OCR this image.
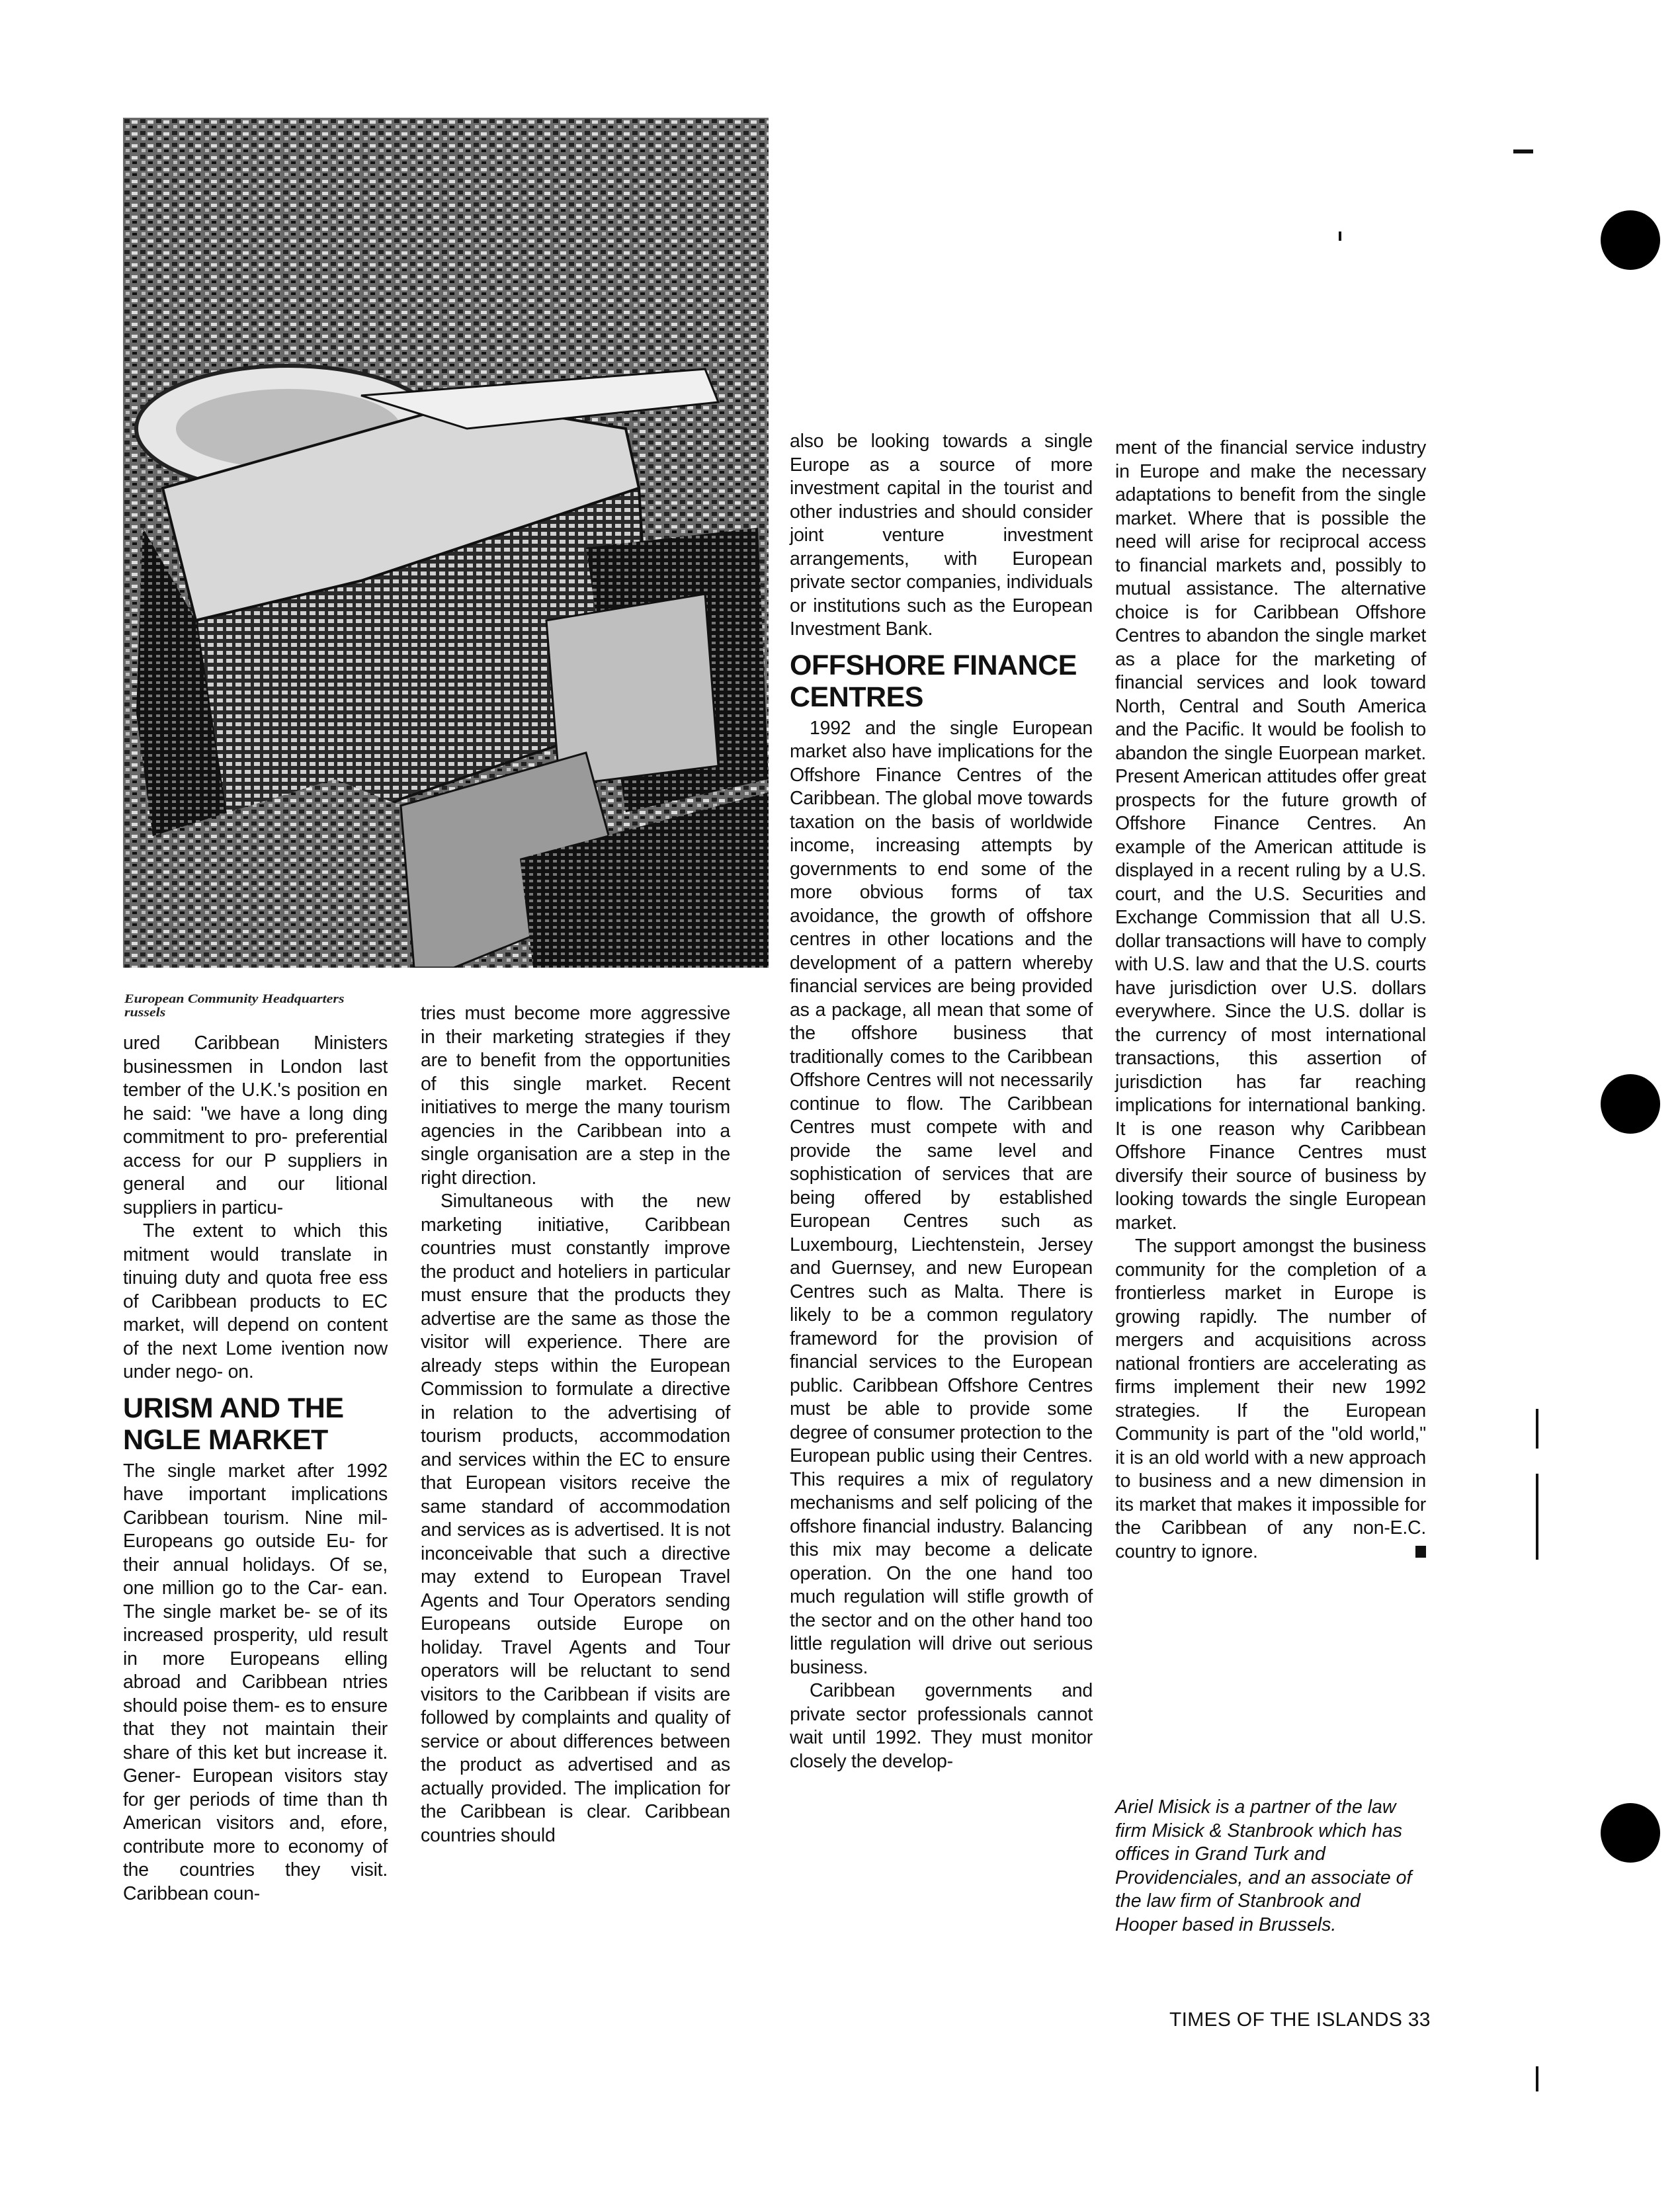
European Community Headquarters
russels

ured Caribbean Ministers businessmen in London last tember of the U.K.'s position en he said: "we have a long ding commitment to pro- preferential access for our P suppliers in general and our litional suppliers in particu-

The extent to which this mitment would translate in tinuing duty and quota free ess of Caribbean products to EC market, will depend on content of the next Lome ivention now under nego- on.

URISM AND THE
NGLE MARKET

The single market after 1992 have important implications Caribbean tourism. Nine mil- Europeans go outside Eu- for their annual holidays. Of se, one million go to the Car- ean. The single market be- se of its increased prosperity, uld result in more Europeans elling abroad and Caribbean ntries should poise them- es to ensure that they not maintain their share of this ket but increase it. Gener- European visitors stay for ger periods of time than th American visitors and, efore, contribute more to economy of the countries they visit. Caribbean coun-

tries must become more aggressive in their marketing strategies if they are to benefit from the opportunities of this single market. Recent initiatives to merge the many tourism agencies in the Caribbean into a single organisation are a step in the right direction.

Simultaneous with the new marketing initiative, Caribbean countries must constantly improve the product and hoteliers in particular must ensure that the products they advertise are the same as those the visitor will experience. There are already steps within the European Commission to formulate a directive in relation to the advertising of tourism products, accommodation and services within the EC to ensure that European visitors receive the same standard of accommodation and services as is advertised. It is not inconceivable that such a directive may extend to European Travel Agents and Tour Operators sending Europeans outside Europe on holiday. Travel Agents and Tour operators will be reluctant to send visitors to the Caribbean if visits are followed by complaints and quality of service or about differences between the product as advertised and as actually provided. The implication for the Caribbean is clear. Caribbean countries should

also be looking towards a single Europe as a source of more investment capital in the tourist and other industries and should consider joint venture investment arrangements, with European private sector companies, individuals or institutions such as the European Investment Bank.

OFFSHORE FINANCE
CENTRES

1992 and the single European market also have implications for the Offshore Finance Centres of the Caribbean. The global move towards taxation on the basis of worldwide income, increasing attempts by governments to end some of the more obvious forms of tax avoidance, the growth of offshore centres in other locations and the development of a pattern whereby financial services are being provided as a package, all mean that some of the offshore business that traditionally comes to the Caribbean Offshore Centres will not necessarily continue to flow. The Caribbean Centres must compete with and provide the same level and sophistication of services that are being offered by established European Centres such as Luxembourg, Liechtenstein, Jersey and Guernsey, and new European Centres such as Malta. There is likely to be a common regulatory frameword for the provision of financial services to the European public. Caribbean Offshore Centres must be able to provide some degree of consumer protection to the European public using their Centres. This requires a mix of regulatory mechanisms and self policing of the offshore financial industry. Balancing this mix may become a delicate operation. On the one hand too much regulation will stifle growth of the sector and on the other hand too little regulation will drive out serious business.

Caribbean governments and private sector professionals cannot wait until 1992. They must monitor closely the develop-

ment of the financial service industry in Europe and make the necessary adaptations to benefit from the single market. Where that is possible the need will arise for reciprocal access to financial markets and, possibly to mutual assistance. The alternative choice is for Caribbean Offshore Centres to abandon the single market as a place for the marketing of financial services and look toward North, Central and South America and the Pacific. It would be foolish to abandon the single Euorpean market. Present American attitudes offer great prospects for the future growth of Offshore Finance Centres. An example of the American attitude is displayed in a recent ruling by a U.S. court, and the U.S. Securities and Exchange Commission that all U.S. dollar transactions will have to comply with U.S. law and that the U.S. courts have jurisdiction over U.S. dollars everywhere. Since the U.S. dollar is the currency of most international transactions, this assertion of jurisdiction has far reaching implications for international banking. It is one reason why Caribbean Offshore Finance Centres must diversify their source of business by looking towards the single European market.

The support amongst the business community for the completion of a frontierless market in Europe is growing rapidly. The number of mergers and acquisitions across national frontiers are accelerating as firms implement their new 1992 strategies. If the European Community is part of the "old world," it is an old world with a new approach to business and a new dimension in its market that makes it impossible for the Caribbean of any non-E.C. country to ignore.

Ariel Misick is a partner of the law firm Misick & Stanbrook which has offices in Grand Turk and Providenciales, and an associate of the law firm of Stanbrook and Hooper based in Brussels.
TIMES OF THE ISLANDS 33
